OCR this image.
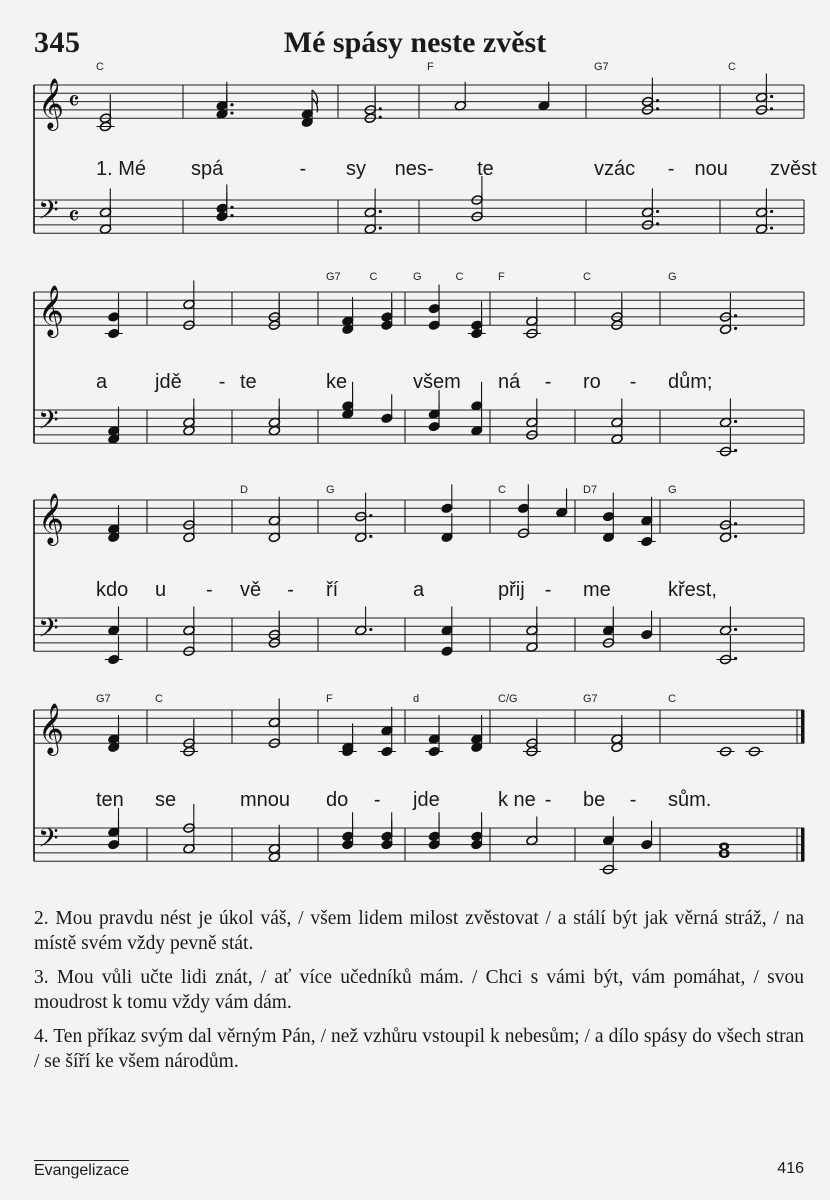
345	Mé spásy neste zvěst
𝄞
𝄢
𝄴
𝄴
C	F	G7	C
1. Mé spá	- sy nes - te	vzác - nou zvěst
𝄞
𝄢
G7	C	G	C	F	C	G
a jdě - te	ke	všem ná - ro - dům;
𝄞
𝄢
D	G	C	D7	G
kdo u - vě - ří	a	přij - me	křest,
𝄞
𝄢
G7	C	F	d	C/G	G7	C
ten se	mnou do - jde	k ne - be - sům.
8

2. Mou pravdu nést je úkol váš, / všem lidem milost zvěstovat / a stálí být jak věrná stráž, / na místě svém vždy pevně stát.

3. Mou vůli učte lidi znát, / ať více učedníků mám. / Chci s vámi být, vám pomáhat, / svou moudrost k tomu vždy vám dám.

4. Ten příkaz svým dal věrným Pán, / než vzhůru vstoupil k nebesům; / a dílo spásy do všech stran / se šíří ke všem národům.

Evangelizace	416
